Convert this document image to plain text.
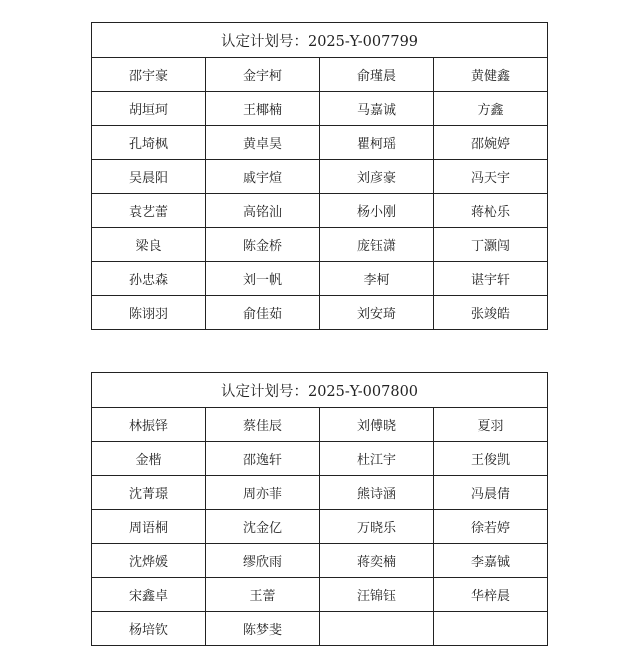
认定计划号：2025-Y-007799			
邵宇豪	金宇柯	俞瑾晨	黄健鑫
胡垣珂	王椰楠	马嘉诚	方鑫
孔埼枫	黄卓昊	瞿柯瑶	邵婉婷
吴晨阳	戚宇煊	刘彦豪	冯天宇
袁艺蕾	高铭汕	杨小刚	蒋杺乐
梁良	陈金桥	庞钰潇	丁灏闯
孙忠森	刘一帆	李柯	谌宇轩
陈诩羽	俞佳茹	刘安琦	张竣皓
认定计划号：2025-Y-007800			
林振铎	蔡佳辰	刘傅晓	夏羽
金楷	邵逸轩	杜江宇	王俊凯
沈菁璟	周亦菲	熊诗涵	冯晨倩
周语桐	沈金亿	万晓乐	徐若婷
沈烨媛	缪欣雨	蒋奕楠	李嘉铖
宋鑫卓	王蕾	汪锦钰	华梓晨
杨培钦	陈梦斐		
